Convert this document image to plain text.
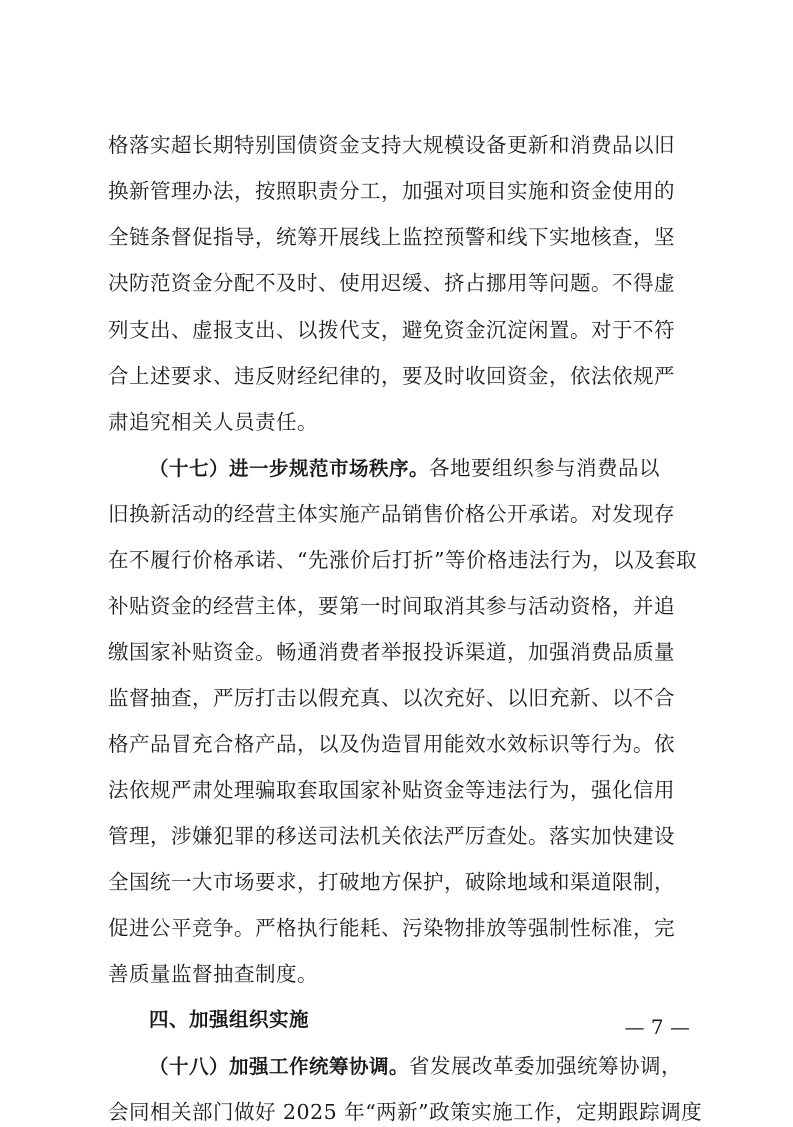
格落实超长期特别国债资金支持大规模设备更新和消费品以旧
换新管理办法，按照职责分工，加强对项目实施和资金使用的
全链条督促指导，统筹开展线上监控预警和线下实地核查，坚
决防范资金分配不及时、使用迟缓、挤占挪用等问题。不得虚
列支出、虚报支出、以拨代支，避免资金沉淀闲置。对于不符
合上述要求、违反财经纪律的，要及时收回资金，依法依规严
肃追究相关人员责任。
（十七）进一步规范市场秩序。各地要组织参与消费品以
旧换新活动的经营主体实施产品销售价格公开承诺。对发现存
在不履行价格承诺、“先涨价后打折”等价格违法行为，以及套取
补贴资金的经营主体，要第一时间取消其参与活动资格，并追
缴国家补贴资金。畅通消费者举报投诉渠道，加强消费品质量
监督抽查，严厉打击以假充真、以次充好、以旧充新、以不合
格产品冒充合格产品，以及伪造冒用能效水效标识等行为。依
法依规严肃处理骗取套取国家补贴资金等违法行为，强化信用
管理，涉嫌犯罪的移送司法机关依法严厉查处。落实加快建设
全国统一大市场要求，打破地方保护，破除地域和渠道限制，
促进公平竞争。严格执行能耗、污染物排放等强制性标准，完
善质量监督抽查制度。
四、加强组织实施
（十八）加强工作统筹协调。省发展改革委加强统筹协调，
会同相关部门做好 2025 年“两新”政策实施工作，定期跟踪调度
— 7 —
